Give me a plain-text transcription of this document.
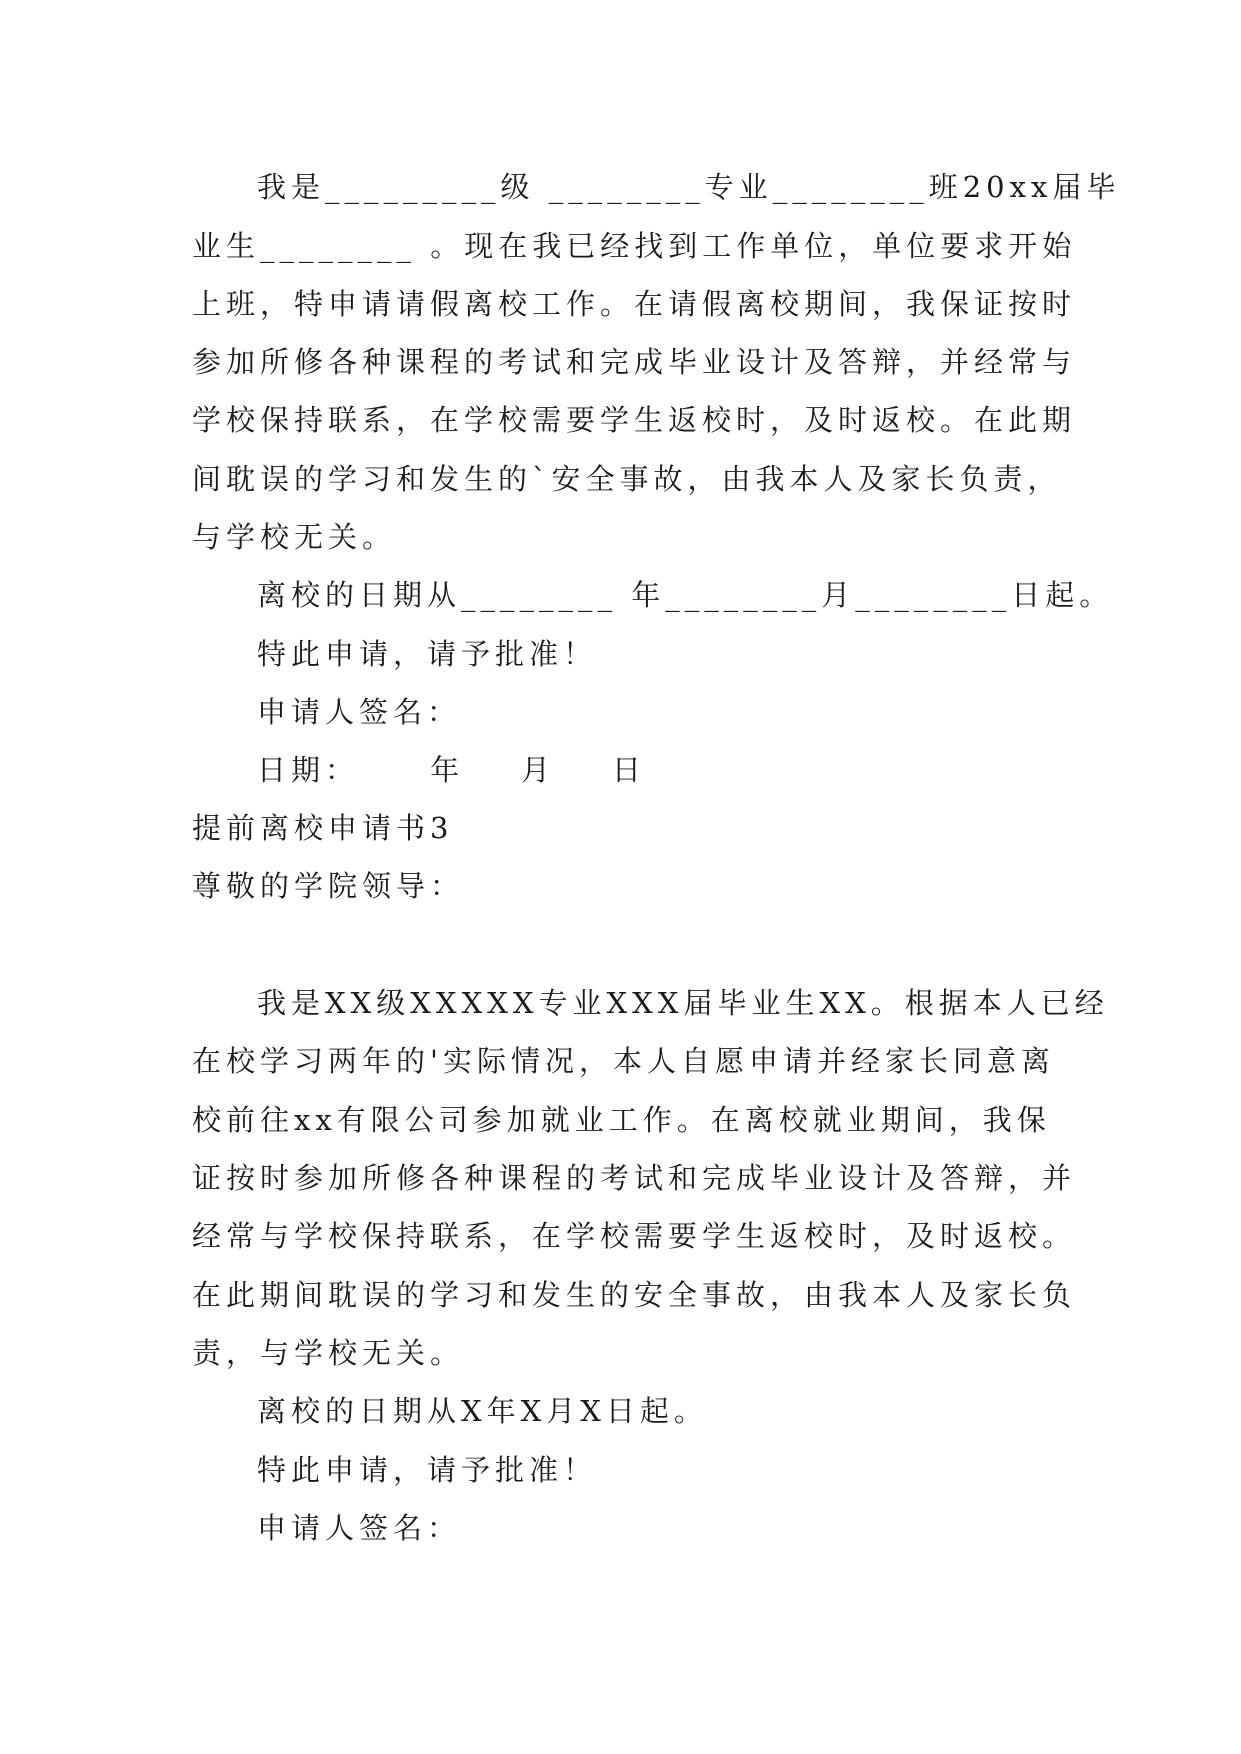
我是_________级 ________专业________班20xx届毕
业生________ 。现在我已经找到工作单位，单位要求开始
上班，特申请请假离校工作。在请假离校期间，我保证按时
参加所修各种课程的考试和完成毕业设计及答辩，并经常与
学校保持联系，在学校需要学生返校时，及时返校。在此期
间耽误的学习和发生的`安全事故，由我本人及家长负责，
与学校无关。
离校的日期从________ 年________月________日起。
特此申请，请予批准！
申请人签名：
日期：     年    月    日
提前离校申请书3
尊敬的学院领导：
我是XX级XXXXX专业XXX届毕业生XX。根据本人已经
在校学习两年的'实际情况，本人自愿申请并经家长同意离
校前往xx有限公司参加就业工作。在离校就业期间，我保
证按时参加所修各种课程的考试和完成毕业设计及答辩，并
经常与学校保持联系，在学校需要学生返校时，及时返校。
在此期间耽误的学习和发生的安全事故，由我本人及家长负
责，与学校无关。
离校的日期从X年X月X日起。
特此申请，请予批准！
申请人签名：
